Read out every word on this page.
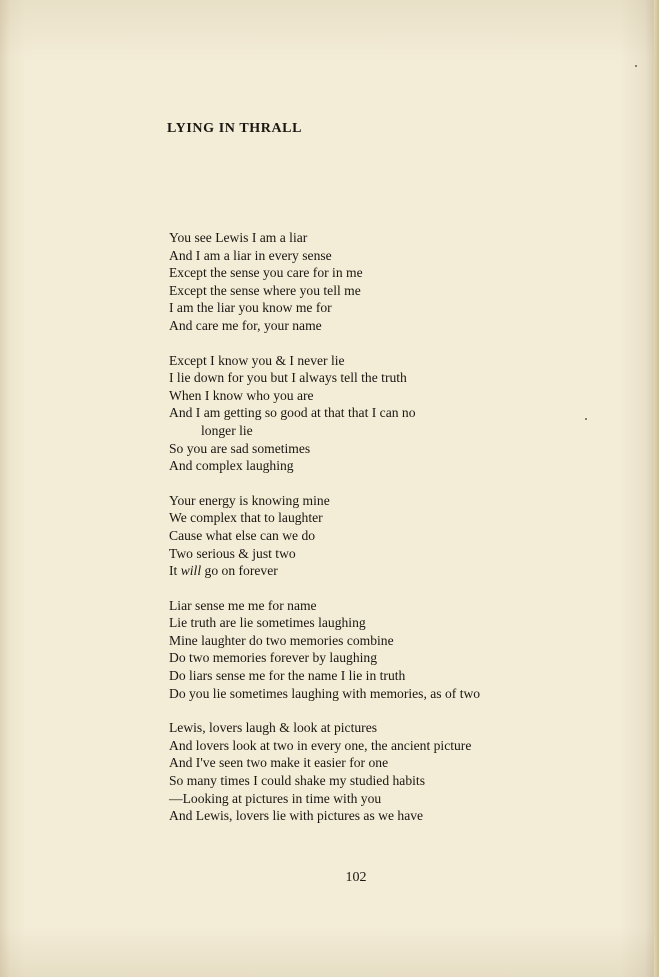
LYING IN THRALL
You see Lewis I am a liar
And I am a liar in every sense
Except the sense you care for in me
Except the sense where you tell me
I am the liar you know me for
And care me for, your name
Except I know you & I never lie
I lie down for you but I always tell the truth
When I know who you are
And I am getting so good at that that I can no
longer lie
So you are sad sometimes
And complex laughing
Your energy is knowing mine
We complex that to laughter
Cause what else can we do
Two serious & just two
It will go on forever
Liar sense me me for name
Lie truth are lie sometimes laughing
Mine laughter do two memories combine
Do two memories forever by laughing
Do liars sense me for the name I lie in truth
Do you lie sometimes laughing with memories, as of two
Lewis, lovers laugh & look at pictures
And lovers look at two in every one, the ancient picture
And I've seen two make it easier for one
So many times I could shake my studied habits
—Looking at pictures in time with you
And Lewis, lovers lie with pictures as we have
102
